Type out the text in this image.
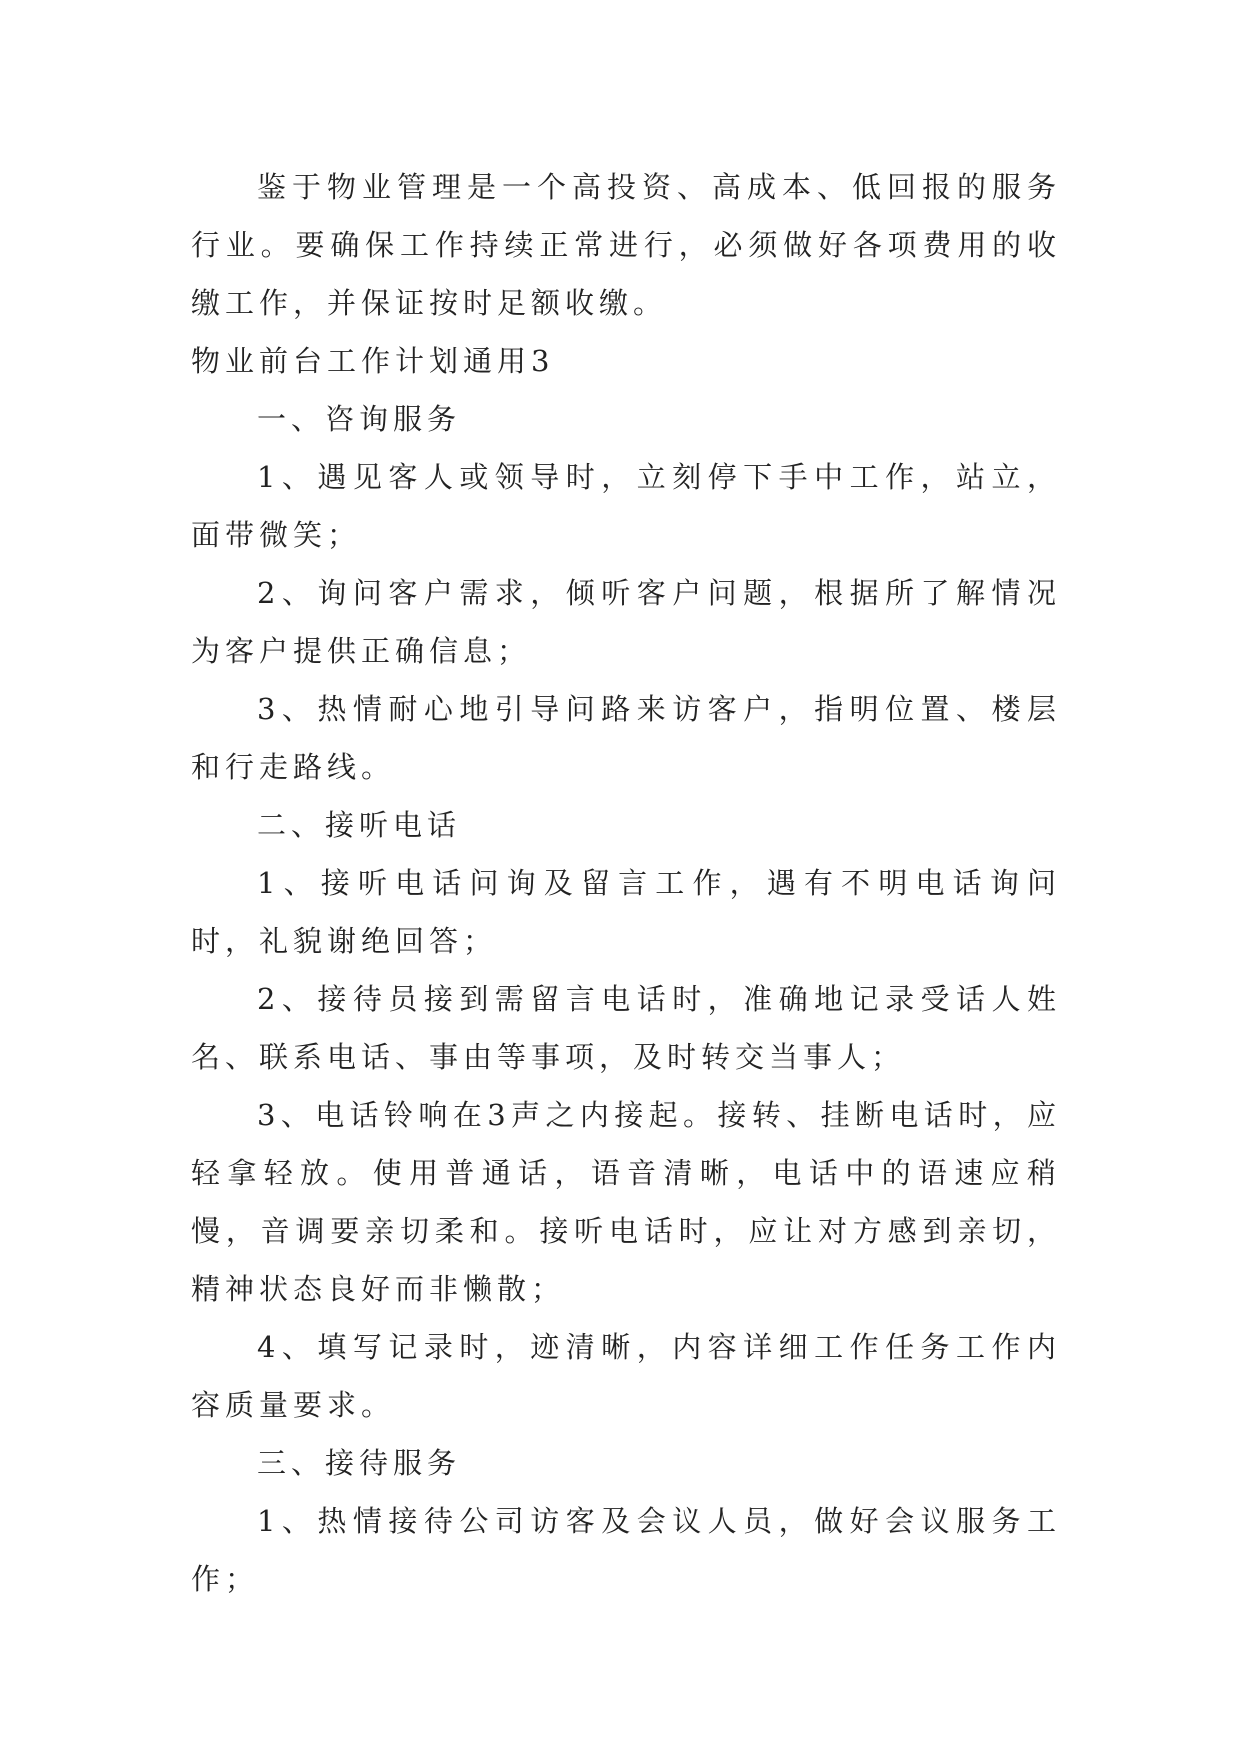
鉴于物业管理是一个高投资、高成本、低回报的服务行业。要确保工作持续正常进行，必须做好各项费用的收缴工作，并保证按时足额收缴。

物业前台工作计划通用3

一、咨询服务

1、遇见客人或领导时，立刻停下手中工作，站立，面带微笑；

2、询问客户需求，倾听客户问题，根据所了解情况为客户提供正确信息；

3、热情耐心地引导问路来访客户，指明位置、楼层和行走路线。

二、接听电话

1、接听电话问询及留言工作，遇有不明电话询问时，礼貌谢绝回答；

2、接待员接到需留言电话时，准确地记录受话人姓名、联系电话、事由等事项，及时转交当事人；

3、电话铃响在3声之内接起。接转、挂断电话时，应轻拿轻放。使用普通话，语音清晰，电话中的语速应稍慢，音调要亲切柔和。接听电话时，应让对方感到亲切，精神状态良好而非懒散；

4、填写记录时，迹清晰，内容详细工作任务工作内容质量要求。

三、接待服务

1、热情接待公司访客及会议人员，做好会议服务工作；
